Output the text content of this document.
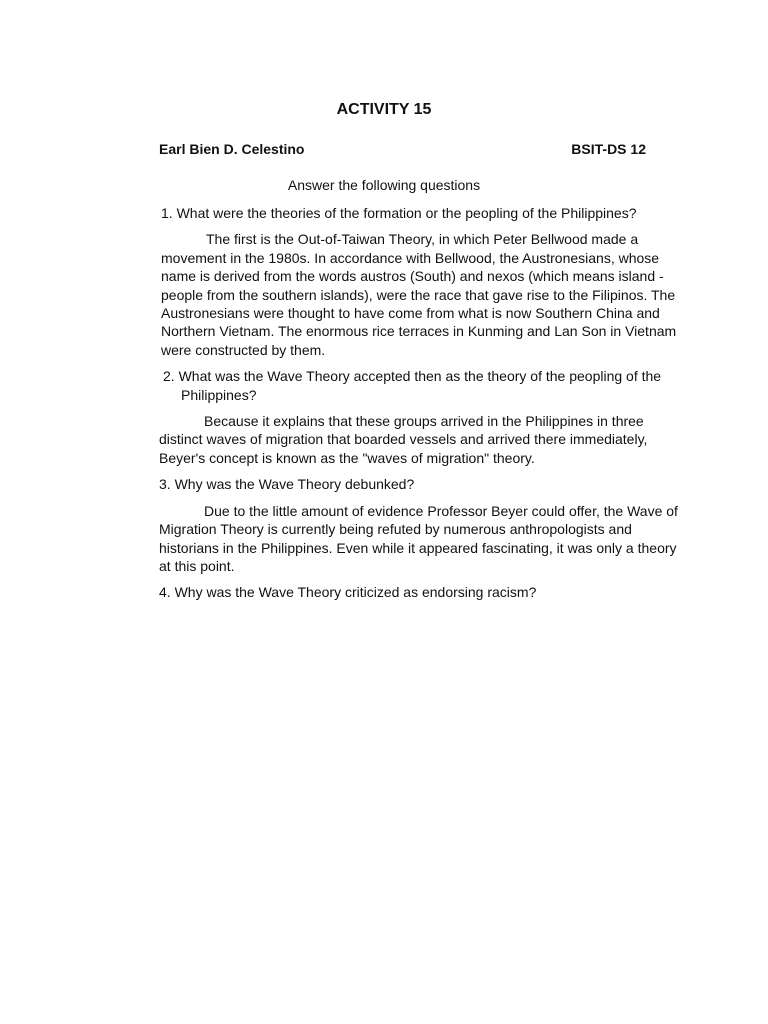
ACTIVITY 15
Earl Bien D. Celestino	BSIT-DS 12
Answer the following questions

1. What were the theories of the formation or the peopling of the Philippines?

The first is the Out-of-Taiwan Theory, in which Peter Bellwood made a movement in the 1980s. In accordance with Bellwood, the Austronesians, whose name is derived from the words austros (South) and nexos (which means island - people from the southern islands), were the race that gave rise to the Filipinos. The Austronesians were thought to have come from what is now Southern China and Northern Vietnam. The enormous rice terraces in Kunming and Lan Son in Vietnam were constructed by them.

2. What was the Wave Theory accepted then as the theory of the peopling of the Philippines?

Because it explains that these groups arrived in the Philippines in three distinct waves of migration that boarded vessels and arrived there immediately, Beyer's concept is known as the "waves of migration" theory.

3. Why was the Wave Theory debunked?

Due to the little amount of evidence Professor Beyer could offer, the Wave of Migration Theory is currently being refuted by numerous anthropologists and historians in the Philippines. Even while it appeared fascinating, it was only a theory at this point.

4. Why was the Wave Theory criticized as endorsing racism?
